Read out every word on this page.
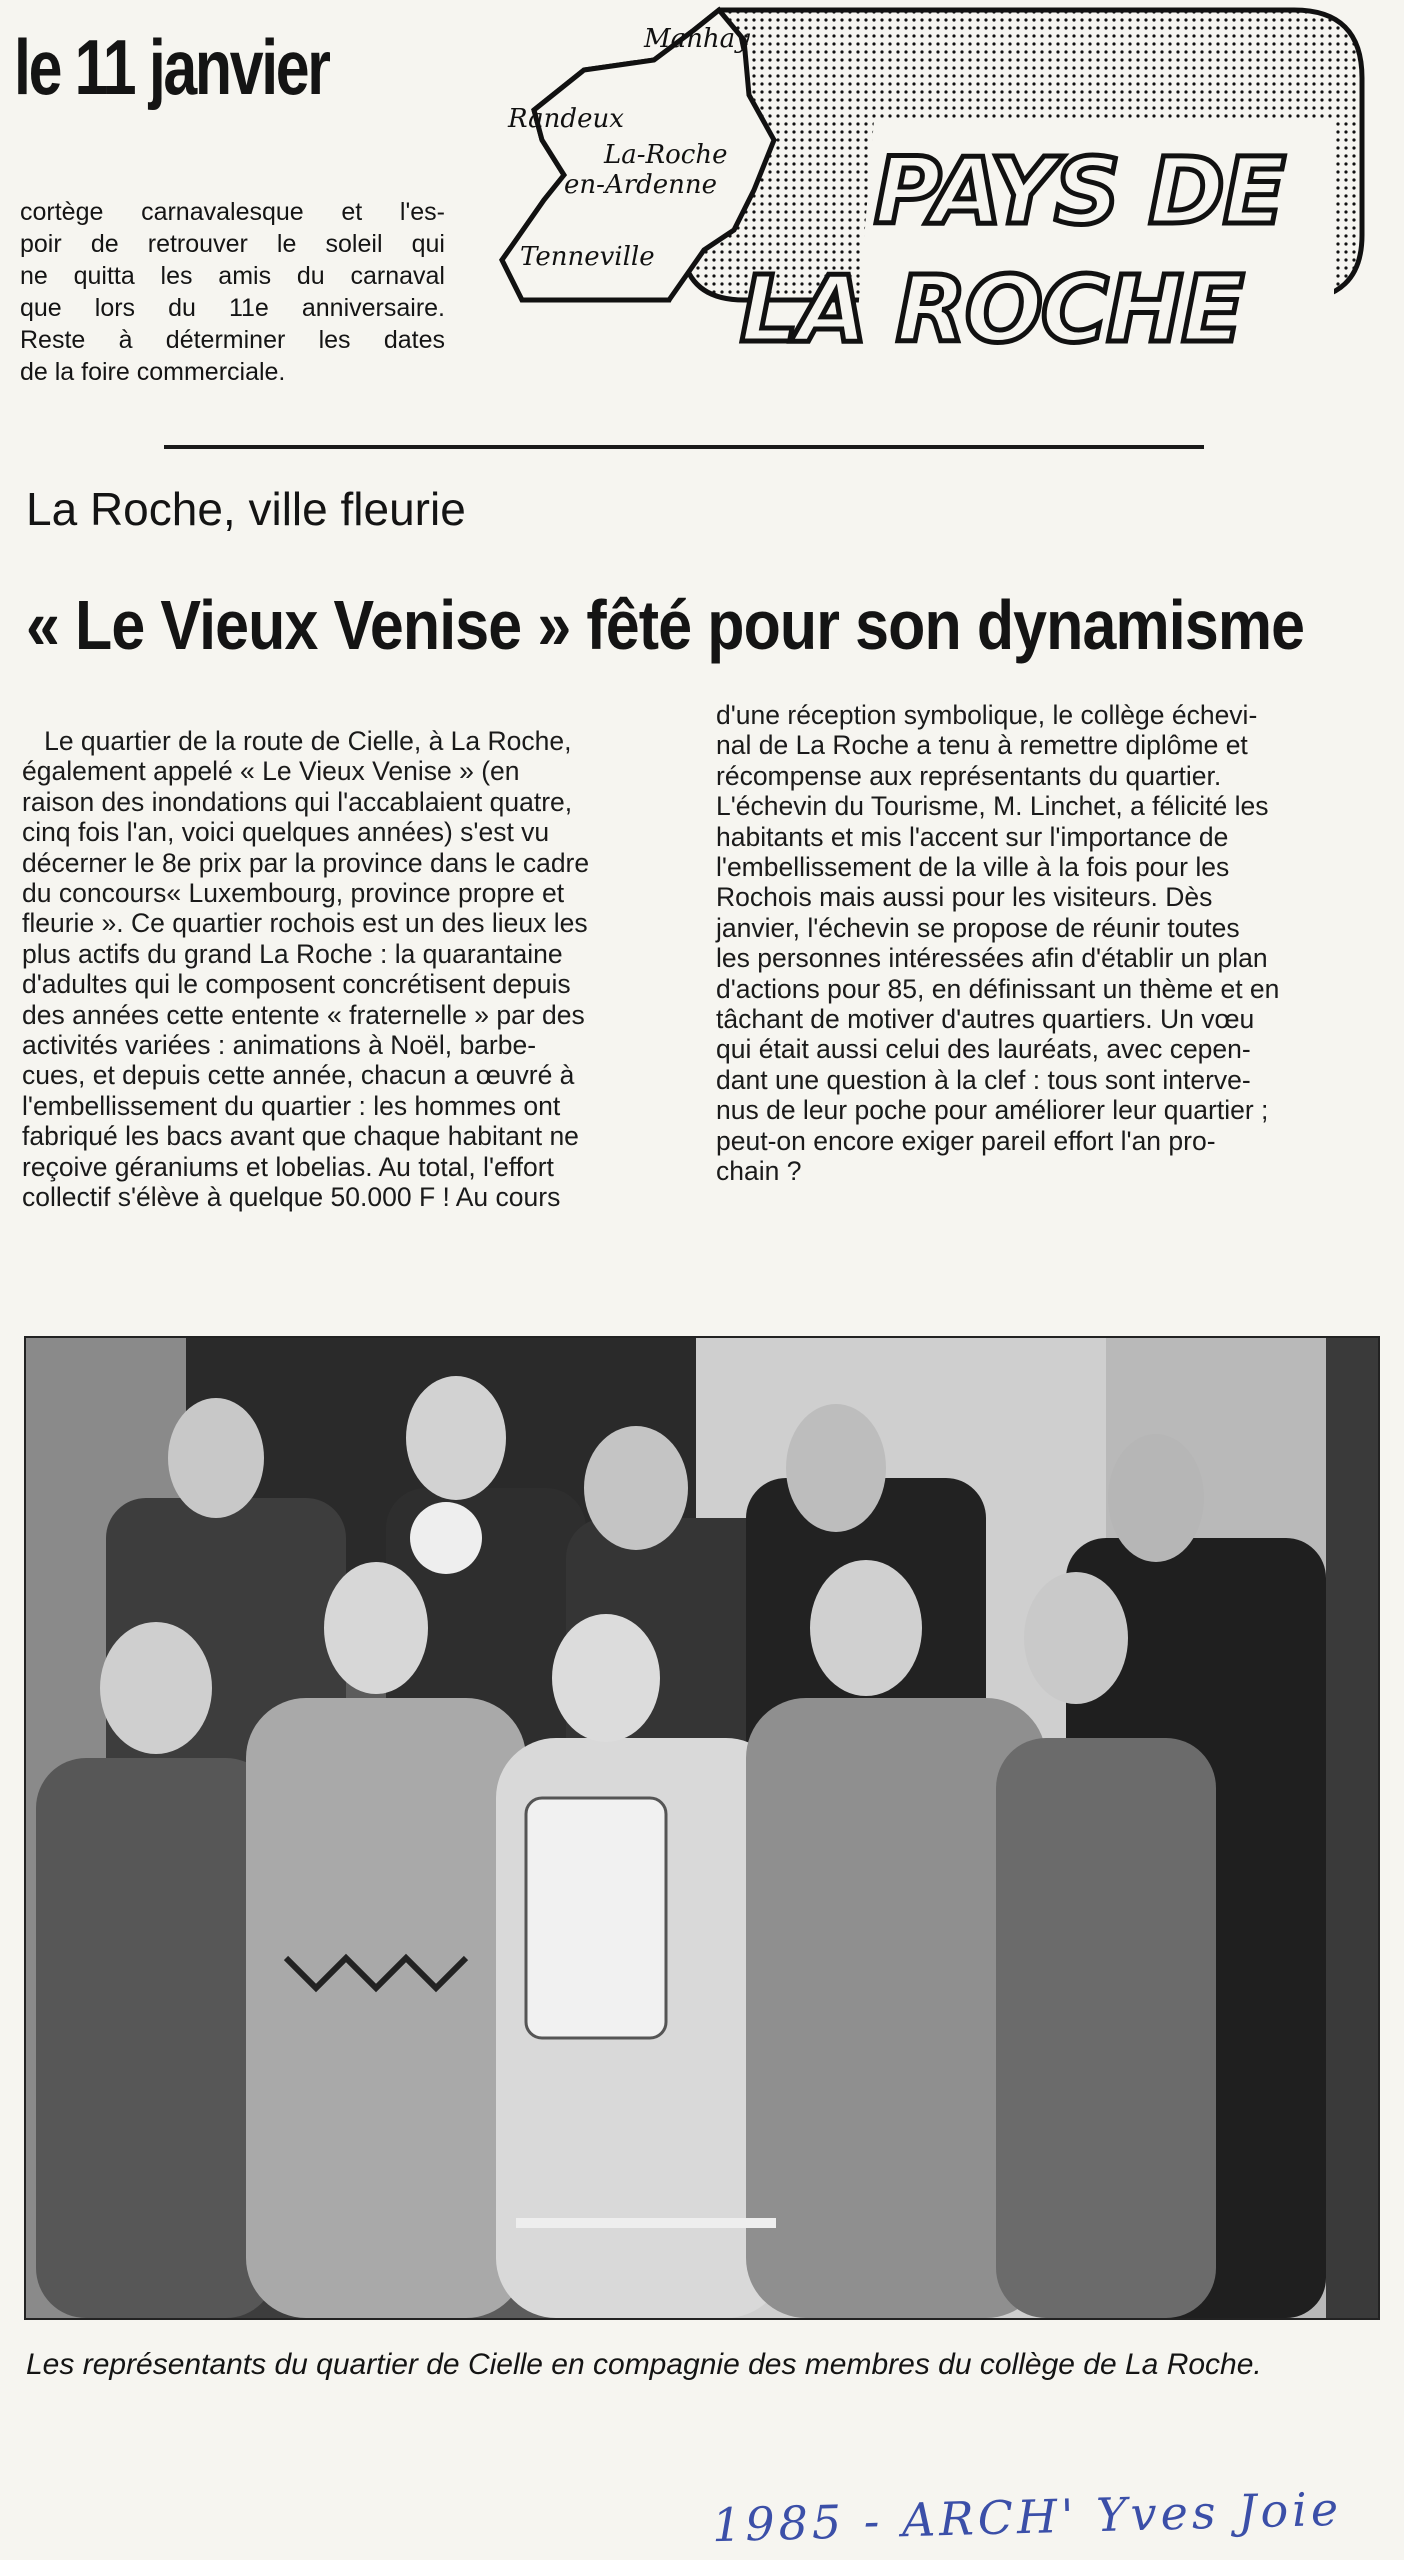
le 11 janvier
cortège carnavalesque et l'es-
poir de retrouver le soleil qui
ne quitta les amis du carnaval
que lors du 11e anniversaire.
Reste à déterminer les dates
de la foire commerciale.
Manhay
Randeux
La-Roche
en-Ardenne
Tenneville
PAYS DE
LA ROCHE
La Roche, ville fleurie
« Le Vieux Venise » fêté pour son dynamisme
Le quartier de la route de Cielle, à La Roche,
également appelé « Le Vieux Venise » (en
raison des inondations qui l'accablaient quatre,
cinq fois l'an, voici quelques années) s'est vu
décerner le 8e prix par la province dans le cadre
du concours« Luxembourg, province propre et
fleurie ». Ce quartier rochois est un des lieux les
plus actifs du grand La Roche : la quarantaine
d'adultes qui le composent concrétisent depuis
des années cette entente « fraternelle » par des
activités variées : animations à Noël, barbe-
cues, et depuis cette année, chacun a œuvré à
l'embellissement du quartier : les hommes ont
fabriqué les bacs avant que chaque habitant ne
reçoive géraniums et lobelias. Au total, l'effort
collectif s'élève à quelque 50.000 F ! Au cours
d'une réception symbolique, le collège échevi-
nal de La Roche a tenu à remettre diplôme et
récompense aux représentants du quartier.
L'échevin du Tourisme, M. Linchet, a félicité les
habitants et mis l'accent sur l'importance de
l'embellissement de la ville à la fois pour les
Rochois mais aussi pour les visiteurs. Dès
janvier, l'échevin se propose de réunir toutes
les personnes intéressées afin d'établir un plan
d'actions pour 85, en définissant un thème et en
tâchant de motiver d'autres quartiers. Un vœu
qui était aussi celui des lauréats, avec cepen-
dant une question à la clef : tous sont interve-
nus de leur poche pour améliorer leur quartier ;
peut-on encore exiger pareil effort l'an pro-
chain ?
Les représentants du quartier de Cielle en compagnie des membres du collège de La Roche.
1985 - ARCH' Yves Joie
